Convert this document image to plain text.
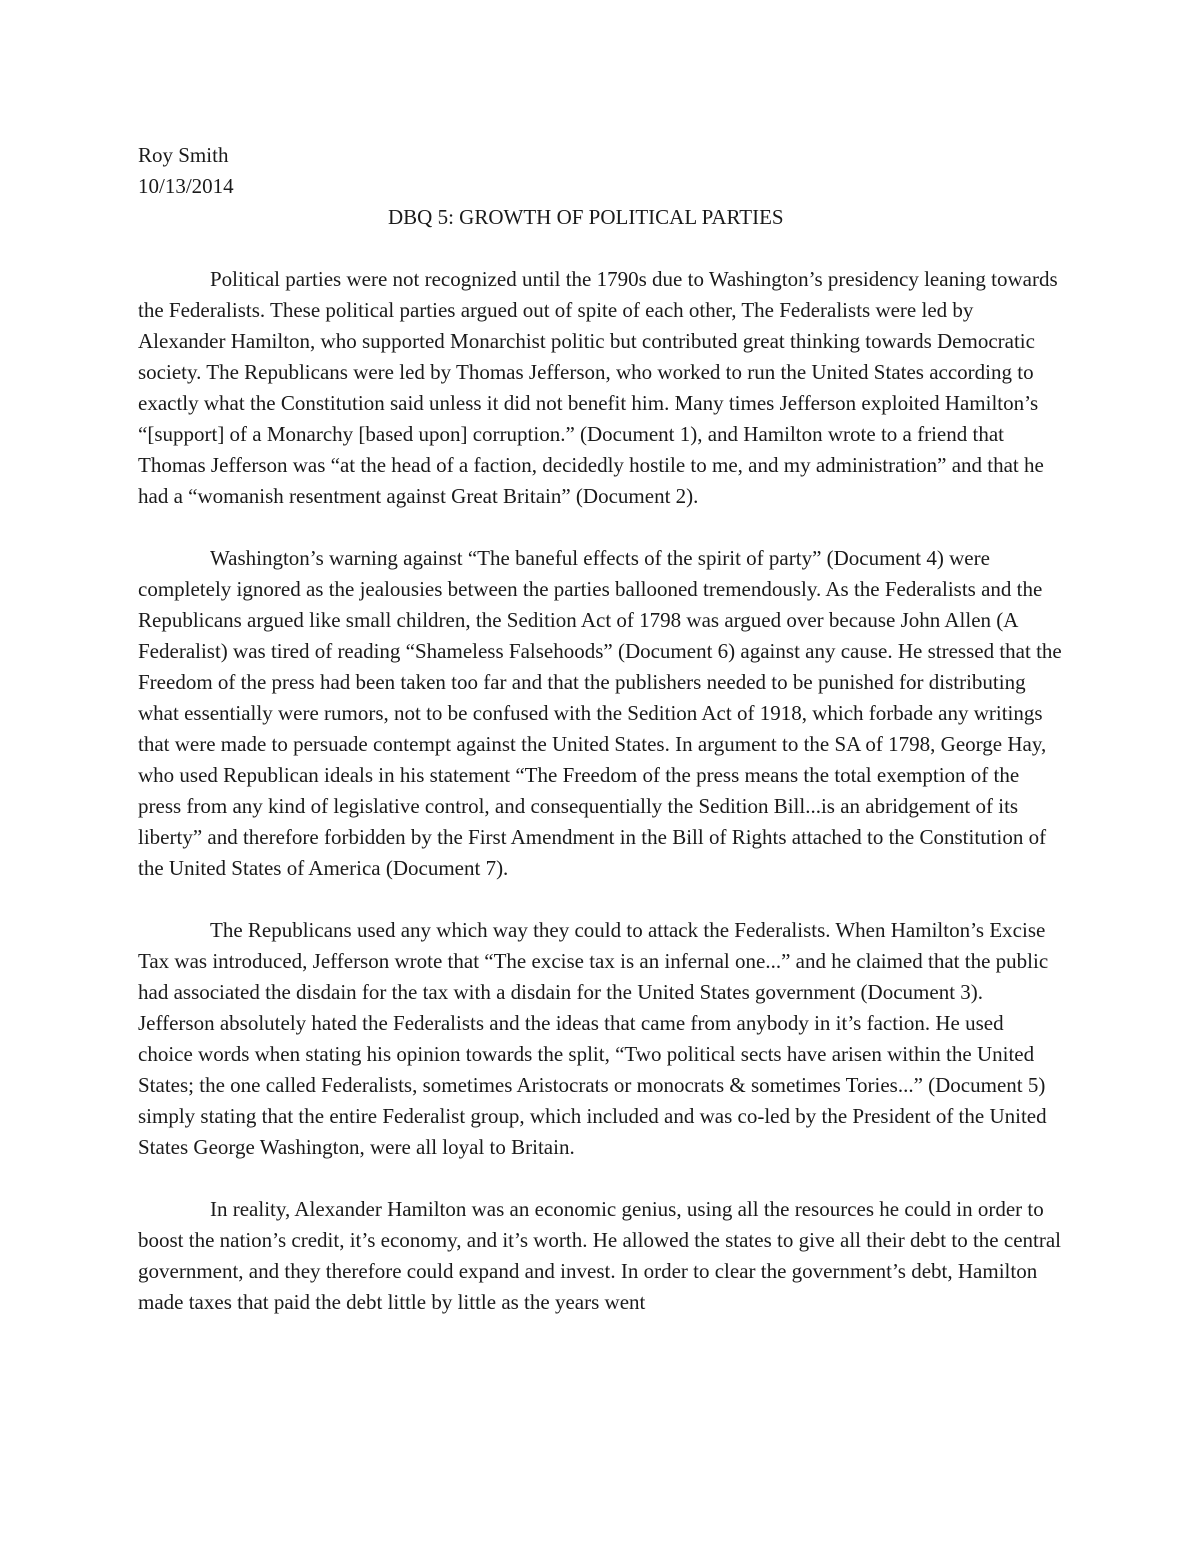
Roy Smith

10/13/2014

DBQ 5: GROWTH OF POLITICAL PARTIES

Political parties were not recognized until the 1790s due to Washington’s presidency leaning towards the Federalists. These political parties argued out of spite of each other, The Federalists were led by Alexander Hamilton, who supported Monarchist politic but contributed great thinking towards Democratic society. The Republicans were led by Thomas Jefferson, who worked to run the United States according to exactly what the Constitution said unless it did not benefit him. Many times Jefferson exploited Hamilton’s “[support] of a Monarchy [based upon] corruption.” (Document 1), and Hamilton wrote to a friend that Thomas Jefferson was “at the head of a faction, decidedly hostile to me, and my administration” and that he had a “womanish resentment against Great Britain” (Document 2).

Washington’s warning against “The baneful effects of the spirit of party” (Document 4) were completely ignored as the jealousies between the parties ballooned tremendously. As the Federalists and the Republicans argued like small children, the Sedition Act of 1798 was argued over because John Allen (A Federalist) was tired of reading “Shameless Falsehoods” (Document 6) against any cause. He stressed that the Freedom of the press had been taken too far and that the publishers needed to be punished for distributing what essentially were rumors, not to be confused with the Sedition Act of 1918, which forbade any writings that were made to persuade contempt against the United States. In argument to the SA of 1798, George Hay, who used Republican ideals in his statement “The Freedom of the press means the total exemption of the press from any kind of legislative control, and consequentially the Sedition Bill...is an abridgement of its liberty” and therefore forbidden by the First Amendment in the Bill of Rights attached to the Constitution of the United States of America (Document 7).

The Republicans used any which way they could to attack the Federalists. When Hamilton’s Excise Tax was introduced, Jefferson wrote that “The excise tax is an infernal one...” and he claimed that the public had associated the disdain for the tax with a disdain for the United States government (Document 3). Jefferson absolutely hated the Federalists and the ideas that came from anybody in it’s faction. He used choice words when stating his opinion towards the split, “Two political sects have arisen within the United States; the one called Federalists, sometimes Aristocrats or monocrats & sometimes Tories...” (Document 5) simply stating that the entire Federalist group, which included and was co-led by the President of the United States George Washington, were all loyal to Britain.

In reality, Alexander Hamilton was an economic genius, using all the resources he could in order to boost the nation’s credit, it’s economy, and it’s worth. He allowed the states to give all their debt to the central government, and they therefore could expand and invest. In order to clear the government’s debt, Hamilton made taxes that paid the debt little by little as the years went
